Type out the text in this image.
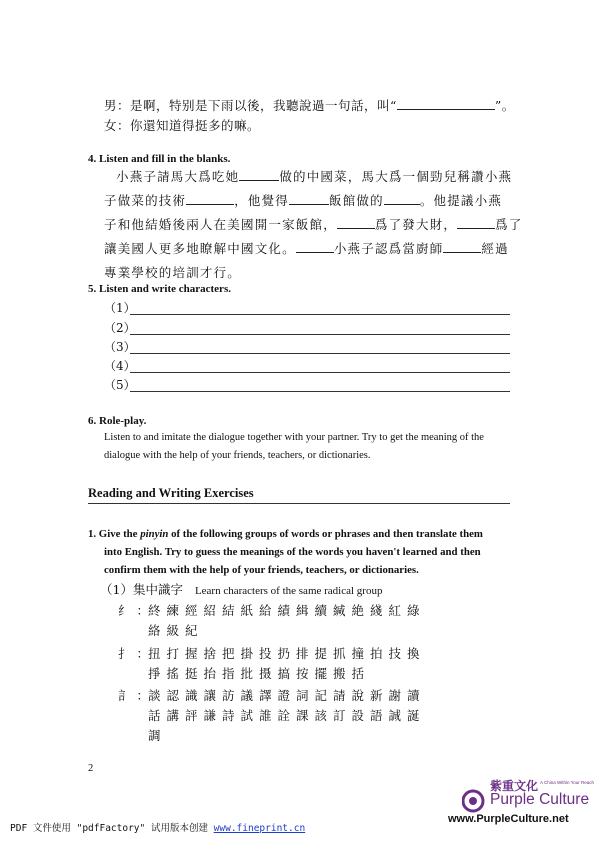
男：是啊，特别是下雨以後，我聽說過一句話，叫“	”。
女：你還知道得挺多的嘛。
4. Listen and fill in the blanks.
小燕子請馬大爲吃她	做的中國菜，馬大爲一個勁兒稱讚小燕
子做菜的技術	，他覺得	飯館做的	。他提議小燕
子和他結婚後兩人在美國開一家飯館，	爲了發大財，	爲了
讓美國人更多地瞭解中國文化。	小燕子認爲當廚師	經過
專業學校的培訓才行。
5. Listen and write characters.
（1）
（2）
（3）
（4）
（5）
6. Role-play.
Listen to and imitate the dialogue together with your partner. Try to get the meaning of the
dialogue with the help of your friends, teachers, or dictionaries.
Reading and Writing Exercises
1. Give the pinyin of the following groups of words or phrases and then translate them
into English. Try to guess the meanings of the words you haven't learned and then
confirm them with the help of your friends, teachers, or dictionaries.
（1）集中識字 Learn characters of the same radical group
纟：
終練經紹結紙給績緝續緘絶綫紅綠
絡級紀
扌：
扭打握捨把掛投扔排提抓撞拍技換
掙搖挺抬指批摄搞按擺搬括
訁：
談認識讓訪議譯證詞記請說新謝讀
話講評謙詩試誰詮課該訂設語誠誕
調
2
紫重文化 A China Within Your Reach
Purple Culture
www.PurpleCulture.net
PDF 文件使用 "pdfFactory" 试用版本创建 www.fineprint.cn
